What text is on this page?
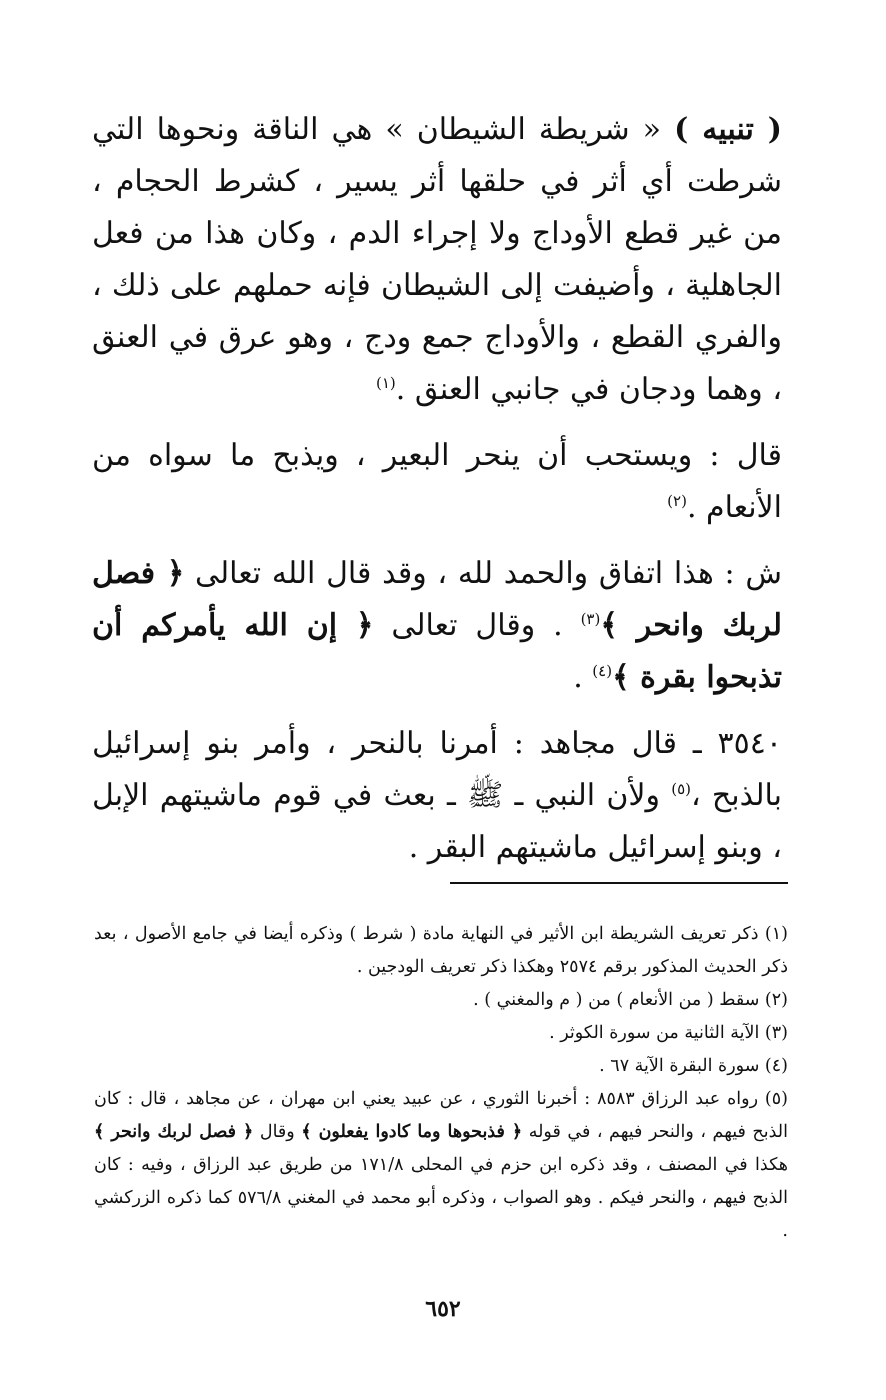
( تنبيه ) « شريطة الشيطان » هي الناقة ونحوها التي شرطت أي أثر في حلقها أثر يسير ، كشرط الحجام ، من غير قطع الأوداج ولا إجراء الدم ، وكان هذا من فعل الجاهلية ، وأضيفت إلى الشيطان فإنه حملهم على ذلك ، والفري القطع ، والأوداج جمع ودج ، وهو عرق في العنق ، وهما ودجان في جانبي العنق .$^{(١)}$

قال : ويستحب أن ينحر البعير ، ويذبح ما سواه من الأنعام .$^{(٢)}$

ش : هذا اتفاق والحمد لله ، وقد قال الله تعالى ﴿ فصل لربك وانحر ﴾$^{(٣)}$ . وقال تعالى ﴿ إن الله يأمركم أن تذبحوا بقرة ﴾$^{(٤)}$ .

٣٥٤٠ ـ قال مجاهد : أمرنا بالنحر ، وأمر بنو إسرائيل بالذبح ،$^{(٥)}$ ولأن النبي ـ ﷺ ـ بعث في قوم ماشيتهم الإبل ، وبنو إسرائيل ماشيتهم البقر .

(١) ذكر تعريف الشريطة ابن الأثير في النهاية مادة ( شرط ) وذكره أيضا في جامع الأصول ، بعد ذكر الحديث المذكور برقم ٢٥٧٤ وهكذا ذكر تعريف الودجين .

(٢) سقط ( من الأنعام ) من ( م والمغني ) .

(٣) الآية الثانية من سورة الكوثر .

(٤) سورة البقرة الآية ٦٧ .

(٥) رواه عبد الرزاق ٨٥٨٣ : أخبرنا الثوري ، عن عبيد يعني ابن مهران ، عن مجاهد ، قال : كان الذبح فيهم ، والنحر فيهم ، في قوله ﴿ فذبحوها وما كادوا يفعلون ﴾ وقال ﴿ فصل لربك وانحر ﴾هكذا في المصنف ، وقد ذكره ابن حزم في المحلى ١٧١/٨ من طريق عبد الرزاق ، وفيه : كان الذبح فيهم ، والنحر فيكم . وهو الصواب ، وذكره أبو محمد في المغني ٥٧٦/٨ كما ذكره الزركشي .

٦٥٢
